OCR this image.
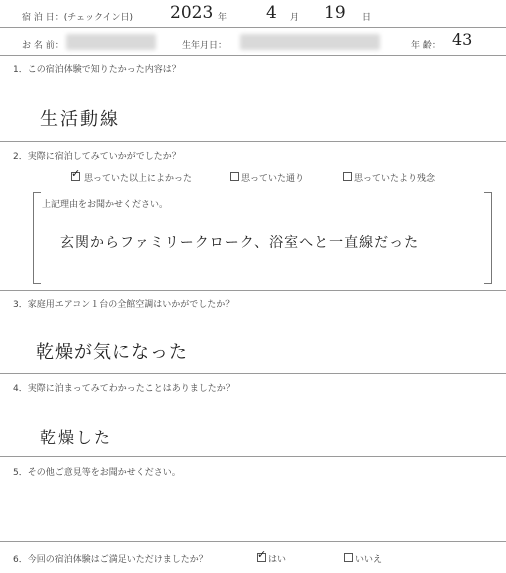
宿 泊 日：(チェックイン日) 2023 年 4 月 19 日
お 名 前：	生年月日：	年 齢： 43
1．この宿泊体験で知りたかった内容は？
生活動線
2．実際に宿泊してみていかがでしたか？
✓ 思っていた以上によかった	思っていた通り	思っていたより残念
上記理由をお聞かせください。
玄関からファミリークローク、浴室へと一直線だった
3．家庭用エアコン１台の全館空調はいかがでしたか？
乾燥が気になった
4．実際に泊まってみてわかったことはありましたか？
乾燥した
5．その他ご意見等をお聞かせください。
6．今回の宿泊体験はご満足いただけましたか？	✓ はい	いいえ
